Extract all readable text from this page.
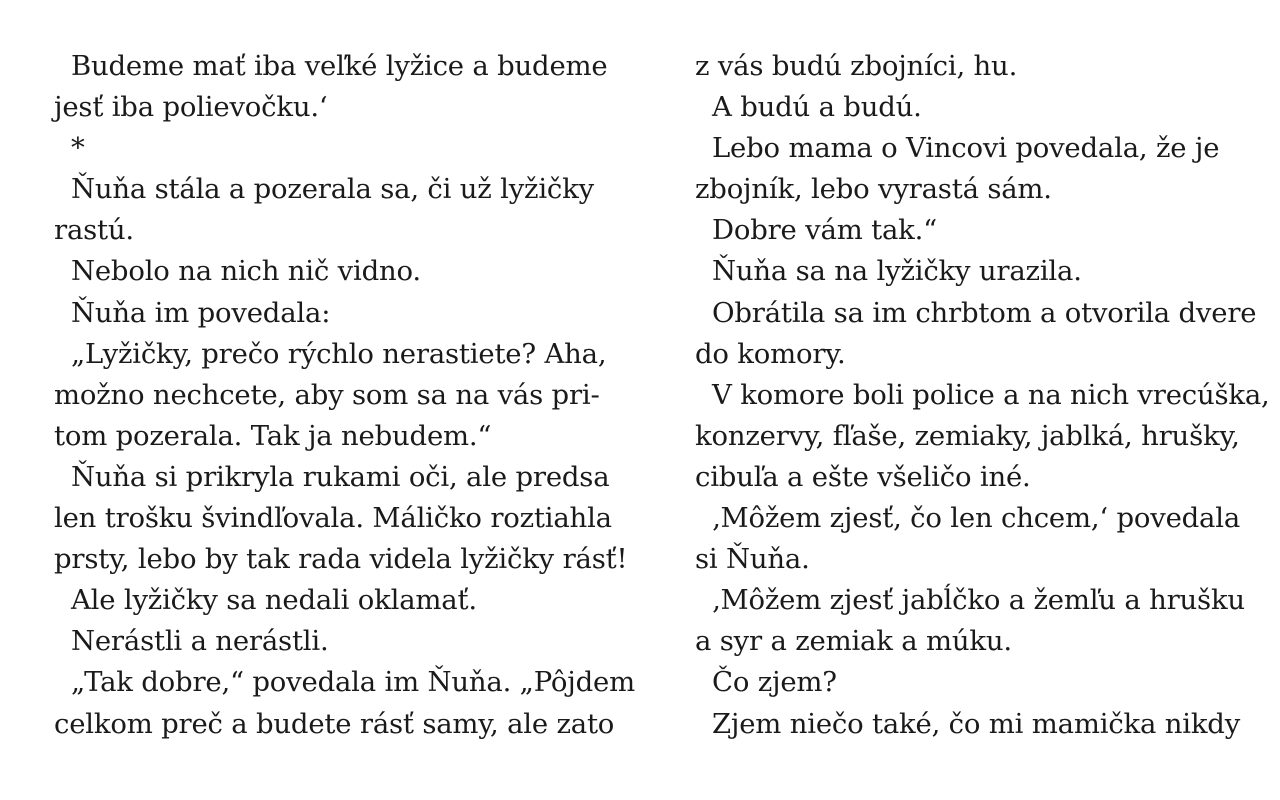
Budeme mať iba veľké lyžice a budeme
jesť iba polievočku.‘
*
Ňuňa stála a pozerala sa, či už lyžičky
rastú.
Nebolo na nich nič vidno.
Ňuňa im povedala:
„Lyžičky, prečo rýchlo nerastiete? Aha,
možno nechcete, aby som sa na vás pri-
tom pozerala. Tak ja nebudem.“
Ňuňa si prikryla rukami oči, ale predsa
len trošku švindľovala. Máličko roztiahla
prsty, lebo by tak rada videla lyžičky rásť!
Ale lyžičky sa nedali oklamať.
Nerástli a nerástli.
„Tak dobre,“ povedala im Ňuňa. „Pôjdem
celkom preč a budete rásť samy, ale zato
z vás budú zbojníci, hu.
A budú a budú.
Lebo mama o Vincovi povedala, že je
zbojník, lebo vyrastá sám.
Dobre vám tak.“
Ňuňa sa na lyžičky urazila.
Obrátila sa im chrbtom a otvorila dvere
do komory.
V komore boli police a na nich vrecúška,
konzervy, fľaše, zemiaky, jablká, hrušky,
cibuľa a ešte všeličo iné.
‚Môžem zjesť, čo len chcem,‘ povedala
si Ňuňa.
‚Môžem zjesť jabĺčko a žemľu a hrušku
a syr a zemiak a múku.
Čo zjem?
Zjem niečo také, čo mi mamička nikdy
